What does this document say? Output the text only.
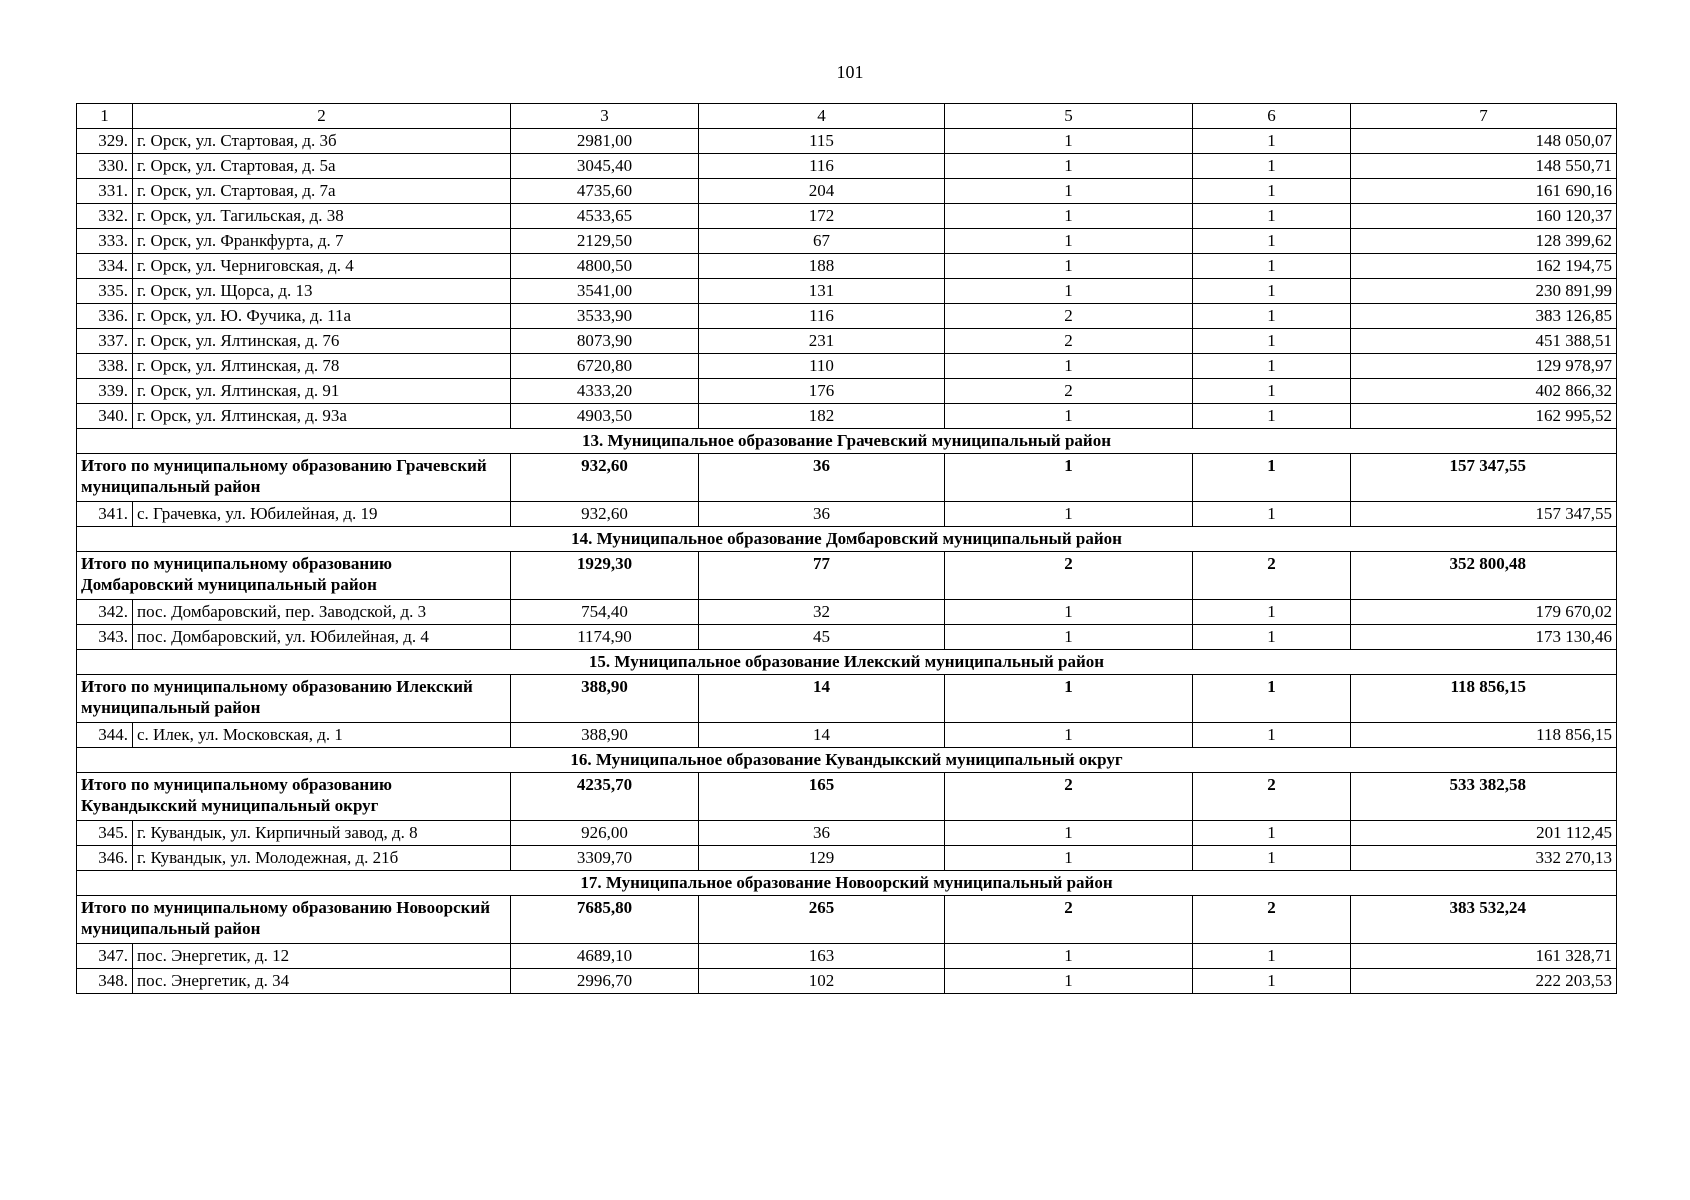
101
1	2	3	4	5	6	7
329.	г. Орск, ул. Стартовая, д. 3б	2981,00	115	1	1	148 050,07
330.	г. Орск, ул. Стартовая, д. 5а	3045,40	116	1	1	148 550,71
331.	г. Орск, ул. Стартовая, д. 7а	4735,60	204	1	1	161 690,16
332.	г. Орск, ул. Тагильская, д. 38	4533,65	172	1	1	160 120,37
333.	г. Орск, ул. Франкфурта, д. 7	2129,50	67	1	1	128 399,62
334.	г. Орск, ул. Черниговская, д. 4	4800,50	188	1	1	162 194,75
335.	г. Орск, ул. Щорса, д. 13	3541,00	131	1	1	230 891,99
336.	г. Орск, ул. Ю. Фучика, д. 11а	3533,90	116	2	1	383 126,85
337.	г. Орск, ул. Ялтинская, д. 76	8073,90	231	2	1	451 388,51
338.	г. Орск, ул. Ялтинская, д. 78	6720,80	110	1	1	129 978,97
339.	г. Орск, ул. Ялтинская, д. 91	4333,20	176	2	1	402 866,32
340.	г. Орск, ул. Ялтинская, д. 93а	4903,50	182	1	1	162 995,52
13. Муниципальное образование Грачевский муниципальный район						
Итого по муниципальному образованию Грачевский муниципальный район		932,60	36	1	1	157 347,55
341.	с. Грачевка, ул. Юбилейная, д. 19	932,60	36	1	1	157 347,55
14. Муниципальное образование Домбаровский муниципальный район						
Итого по муниципальному образованию Домбаровский муниципальный район		1929,30	77	2	2	352 800,48
342.	пос. Домбаровский, пер. Заводской, д. 3	754,40	32	1	1	179 670,02
343.	пос. Домбаровский, ул. Юбилейная, д. 4	1174,90	45	1	1	173 130,46
15. Муниципальное образование Илекский муниципальный район						
Итого по муниципальному образованию Илекский муниципальный район		388,90	14	1	1	118 856,15
344.	с. Илек, ул. Московская, д. 1	388,90	14	1	1	118 856,15
16. Муниципальное образование Кувандыкский муниципальный округ						
Итого по муниципальному образованию Кувандыкский муниципальный округ		4235,70	165	2	2	533 382,58
345.	г. Кувандык, ул. Кирпичный завод, д. 8	926,00	36	1	1	201 112,45
346.	г. Кувандык, ул. Молодежная, д. 21б	3309,70	129	1	1	332 270,13
17. Муниципальное образование Новоорский муниципальный район						
Итого по муниципальному образованию Новоорский муниципальный район		7685,80	265	2	2	383 532,24
347.	пос. Энергетик, д. 12	4689,10	163	1	1	161 328,71
348.	пос. Энергетик, д. 34	2996,70	102	1	1	222 203,53
